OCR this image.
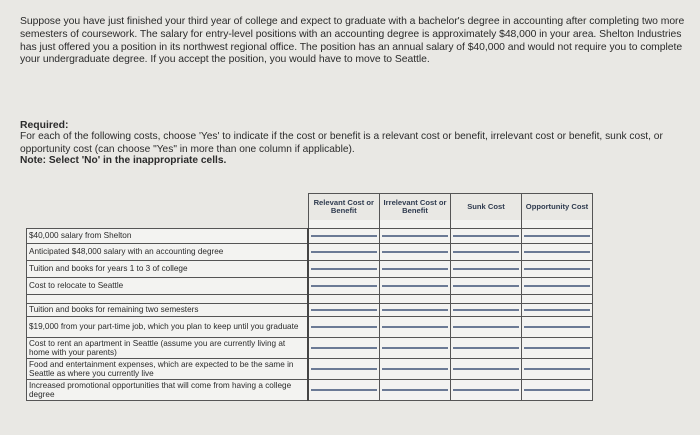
Suppose you have just finished your third year of college and expect to graduate with a bachelor's degree in accounting after completing two more semesters of coursework. The salary for entry-level positions with an accounting degree is approximately $48,000 in your area. Shelton Industries has just offered you a position in its northwest regional office. The position has an annual salary of $40,000 and would not require you to complete your undergraduate degree. If you accept the position, you would have to move to Seattle.
Required:
For each of the following costs, choose 'Yes' to indicate if the cost or benefit is a relevant cost or benefit, irrelevant cost or benefit, sunk cost, or opportunity cost (can choose "Yes" in more than one column if applicable).
Note: Select 'No' in the inappropriate cells.
	Relevant Cost or Benefit	Irrelevant Cost or Benefit	Sunk Cost	Opportunity Cost

$40,000 salary from Shelton	

Anticipated $48,000 salary with an accounting degree	

Tuition and books for years 1 to 3 of college	

Cost to relocate to Seattle	

Tuition and books for remaining two semesters	

$19,000 from your part-time job, which you plan to keep until you graduate	

Cost to rent an apartment in Seattle (assume you are currently living at home with your parents)	

Food and entertainment expenses, which are expected to be the same in Seattle as where you currently live	

Increased promotional opportunities that will come from having a college degree	
